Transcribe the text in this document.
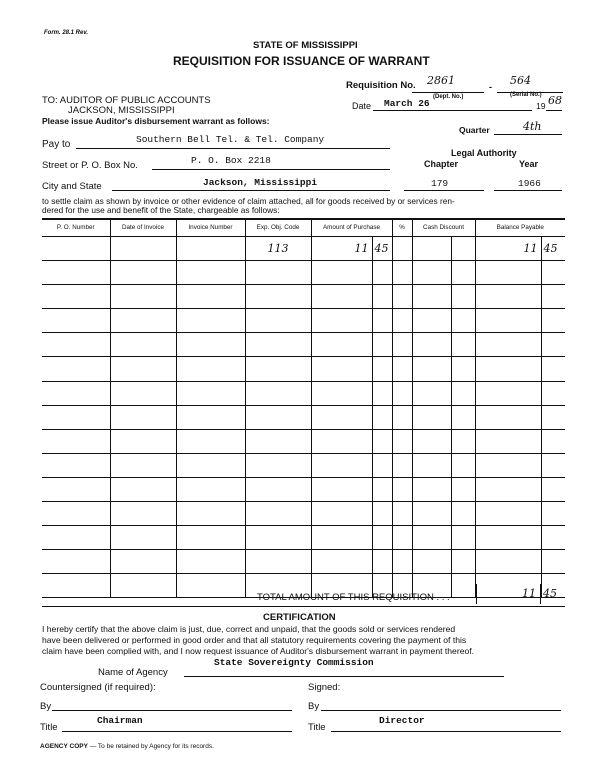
Form. 28.1 Rev.
STATE OF MISSISSIPPI
REQUISITION FOR ISSUANCE OF WARRANT
Requisition No. 2861	- 564
(Dept. No.)	(Serial No.)
TO: AUDITOR OF PUBLIC ACCOUNTS
JACKSON, MISSISSIPPI	Date March 26	19 68
Please issue Auditor's disbursement warrant as follows:
Quarter	4th
Pay to	Southern Bell Tel. & Tel. Company
Legal Authority
Chapter	Year
Street or P. O. Box No.	P. O. Box 2218
City and State	Jackson, Mississippi	179	1966
to settle claim as shown by invoice or other evidence of claim attached, all for goods received by or services ren-
dered for the use and benefit of the State, chargeable as follows:
P. O. Number	Date of Invoice	Invoice Number	Exp. Obj. Code	Amount of Purchase		%	Cash Discount		Balance Payable	
			113	11	45				11	45

TOTAL AMOUNT OF THIS REQUISITION . . .	11 45
CERTIFICATION
I hereby certify that the above claim is just, due, correct and unpaid, that the goods sold or services rendered
have been delivered or performed in good order and that all statutory requirements covering the payment of this
claim have been complied with, and I now request issuance of Auditor's disbursement warrant in payment thereof.
State Sovereignty Commission
Name of Agency
Countersigned (if required):	Signed:
By	By
Chairman
Title
Director
Title
AGENCY COPY — To be retained by Agency for its records.
